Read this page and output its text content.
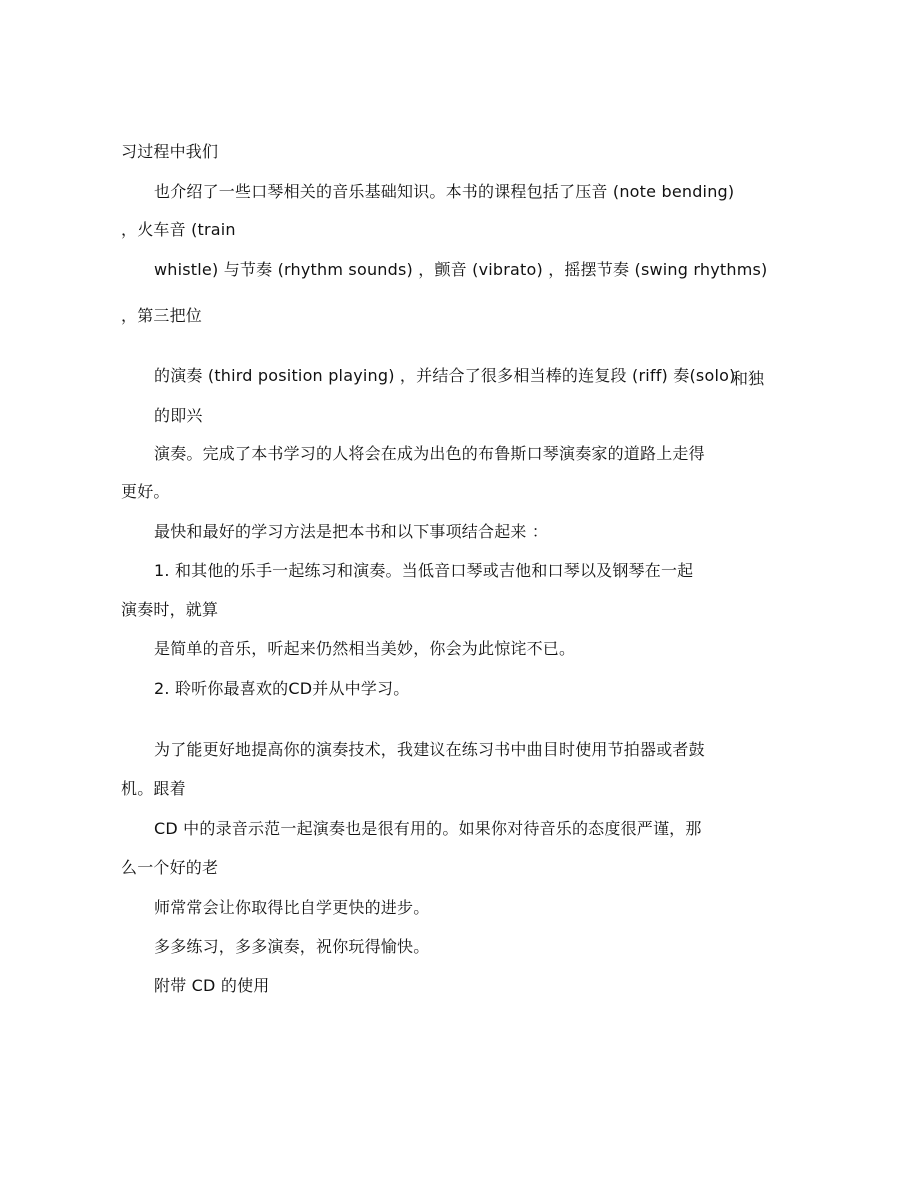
习过程中我们
也介绍了一些口琴相关的音乐基础知识。本书的课程包括了压音 (note bending)
，火车音 (train
whistle) 与节奏 (rhythm sounds) ，颤音 (vibrato) ，摇摆节奏 (swing rhythms)
，第三把位
的演奏 (third position playing) ，并结合了很多相当棒的连复段 (riff) 奏(solo)
和独
的即兴
演奏。完成了本书学习的人将会在成为出色的布鲁斯口琴演奏家的道路上走得
更好。
最快和最好的学习方法是把本书和以下事项结合起来 ：
1. 和其他的乐手一起练习和演奏。当低音口琴或吉他和口琴以及钢琴在一起
演奏时，就算
是简单的音乐，听起来仍然相当美妙，你会为此惊诧不已。
2. 聆听你最喜欢的CD并从中学习。
为了能更好地提高你的演奏技术，我建议在练习书中曲目时使用节拍器或者鼓
机。跟着
CD 中的录音示范一起演奏也是很有用的。如果你对待音乐的态度很严谨，那
么一个好的老
师常常会让你取得比自学更快的进步。
多多练习，多多演奏，祝你玩得愉快。
附带 CD 的使用
